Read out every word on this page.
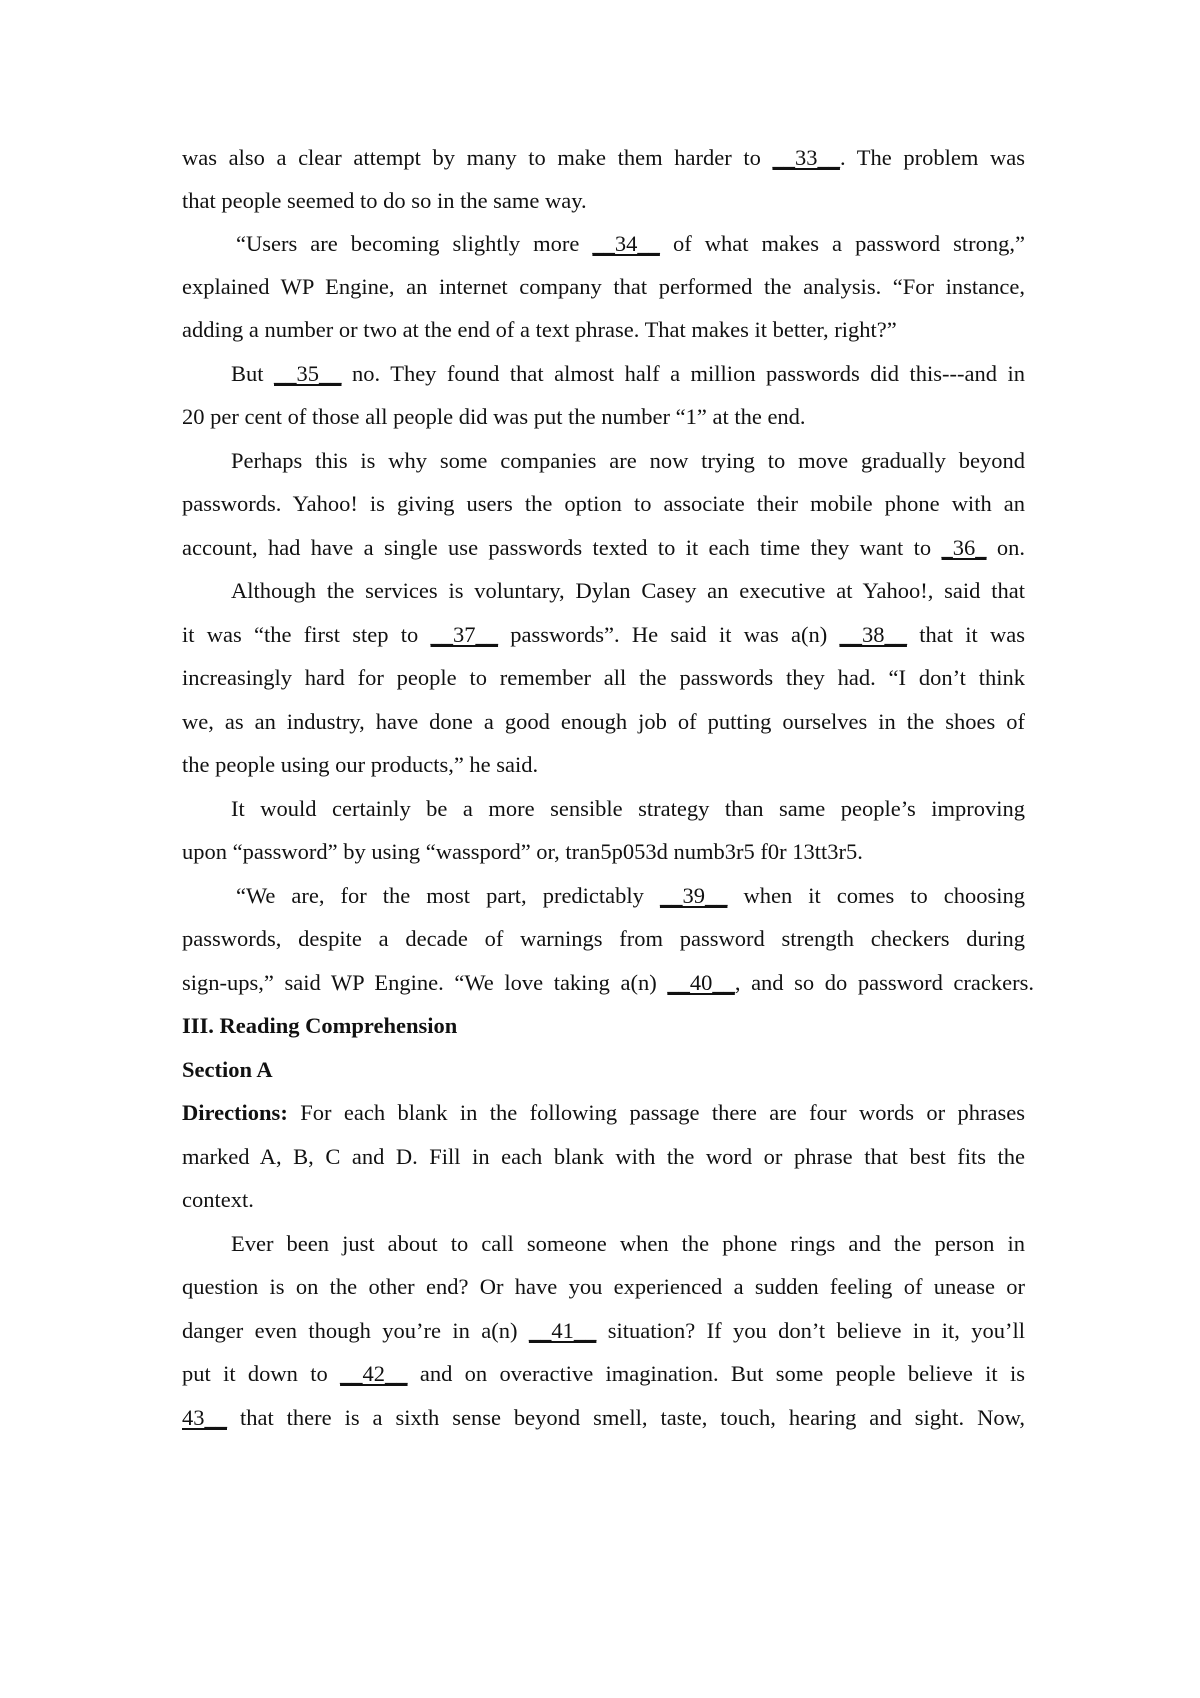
was also a clear attempt by many to make them harder to __33__. The problem was
that people seemed to do so in the same way.
“Users are becoming slightly more __34__ of what makes a password strong,”
explained WP Engine, an internet company that performed the analysis. “For instance,
adding a number or two at the end of a text phrase. That makes it better, right?”
But __35__ no. They found that almost half a million passwords did this---and in
20 per cent of those all people did was put the number “1” at the end.
Perhaps this is why some companies are now trying to move gradually beyond
passwords. Yahoo! is giving users the option to associate their mobile phone with an
account, had have a single use passwords texted to it each time they want to _36_ on.
Although the services is voluntary, Dylan Casey an executive at Yahoo!, said that
it was “the first step to __37__ passwords”. He said it was a(n) __38__ that it was
increasingly hard for people to remember all the passwords they had. “I don’t think
we, as an industry, have done a good enough job of putting ourselves in the shoes of
the people using our products,” he said.
It would certainly be a more sensible strategy than same people’s improving
upon “password” by using “wasspord” or, tran5p053d numb3r5 f0r 13tt3r5.
“We are, for the most part, predictably __39__ when it comes to choosing
passwords, despite a decade of warnings from password strength checkers during
sign-ups,” said WP Engine. “We love taking a(n) __40__, and so do password crackers.
III. Reading Comprehension
Section A
Directions: For each blank in the following passage there are four words or phrases
marked A, B, C and D. Fill in each blank with the word or phrase that best fits the
context.
Ever been just about to call someone when the phone rings and the person in
question is on the other end? Or have you experienced a sudden feeling of unease or
danger even though you’re in a(n) __41__ situation? If you don’t believe in it, you’ll
put it down to __42__ and on overactive imagination. But some people believe it is
43__ that there is a sixth sense beyond smell, taste, touch, hearing and sight. Now,
